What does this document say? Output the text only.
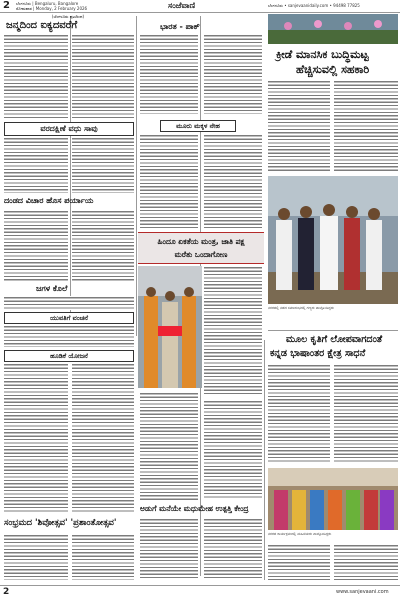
2 ಬೆಂಗಳೂರು | Bengaluru, Bangalore
ಸೋಮವಾರ | Monday, 2 February 2026	ಸಂಜೆವಾಣಿ	ಬೆಂಗಳೂರು • sanjevaanidaily.com • 94498 77825
(ಬೆಂಗಳೂರು ಪುಟದಿಂದ)
ಜನ್ಮದಿಂದ ಐಕ್ಯದವರೆಗೆ
ವರದಕ್ಷಿಣೆ ವಧು ಸಾವು
ದಂಡದ ವಿಚಾರ ಹೊಸ ಪರ್ಯಾಯ
ಜಗಳ ಕೊಲೆ
ಯುವತಿಗೆ ವಂಚನೆ
ಹೂಡಿಕೆ ಯೋಜನೆ
ಸಂಭ್ರಮದ 'ಶಿವೋತ್ಸವ' 'ಪ್ರಶಾಂತೋತ್ಸವ'
ಭಾರತ - ಪಾಕ್
ಮೂರು ಮಕ್ಕಳ ನೇಹ
ಹಿಂದೂ ಏಕತೆಯ ಮಂತ್ರ, ಜಾತಿ ಪಕ್ಷ
ಮರೆತು ಒಂದಾಗೋಣ
ಅಡುಗೆ ಮನೆಯೇ ಮಧುಮೇಹ ಉತ್ಪತ್ತಿ ಕೇಂದ್ರ
ಕ್ರೀಡೆ ಮಾನಸಿಕ ಬುದ್ಧಿಮಟ್ಟ
ಹೆಚ್ಚಿಸುವಲ್ಲಿ ಸಹಕಾರಿ
ನಗರದಲ್ಲಿ ನಡೆದ ಸಮಾರಂಭದಲ್ಲಿ ಗಣ್ಯರು ಪಾಲ್ಗೊಂಡಿದ್ದರು
ಮೂಲ ಕೃತಿಗೆ ಲೋಪವಾಗದಂತೆ
ಕನ್ನಡ ಭಾಷಾಂತರ ಕ್ಷೇತ್ರ ಸಾಧನೆ
ನಗರದ ಕಾರ್ಯಕ್ರಮದಲ್ಲಿ ಮಹಿಳೆಯರು ಪಾಲ್ಗೊಂಡಿದ್ದರು
2	www.sanjevaani.com
